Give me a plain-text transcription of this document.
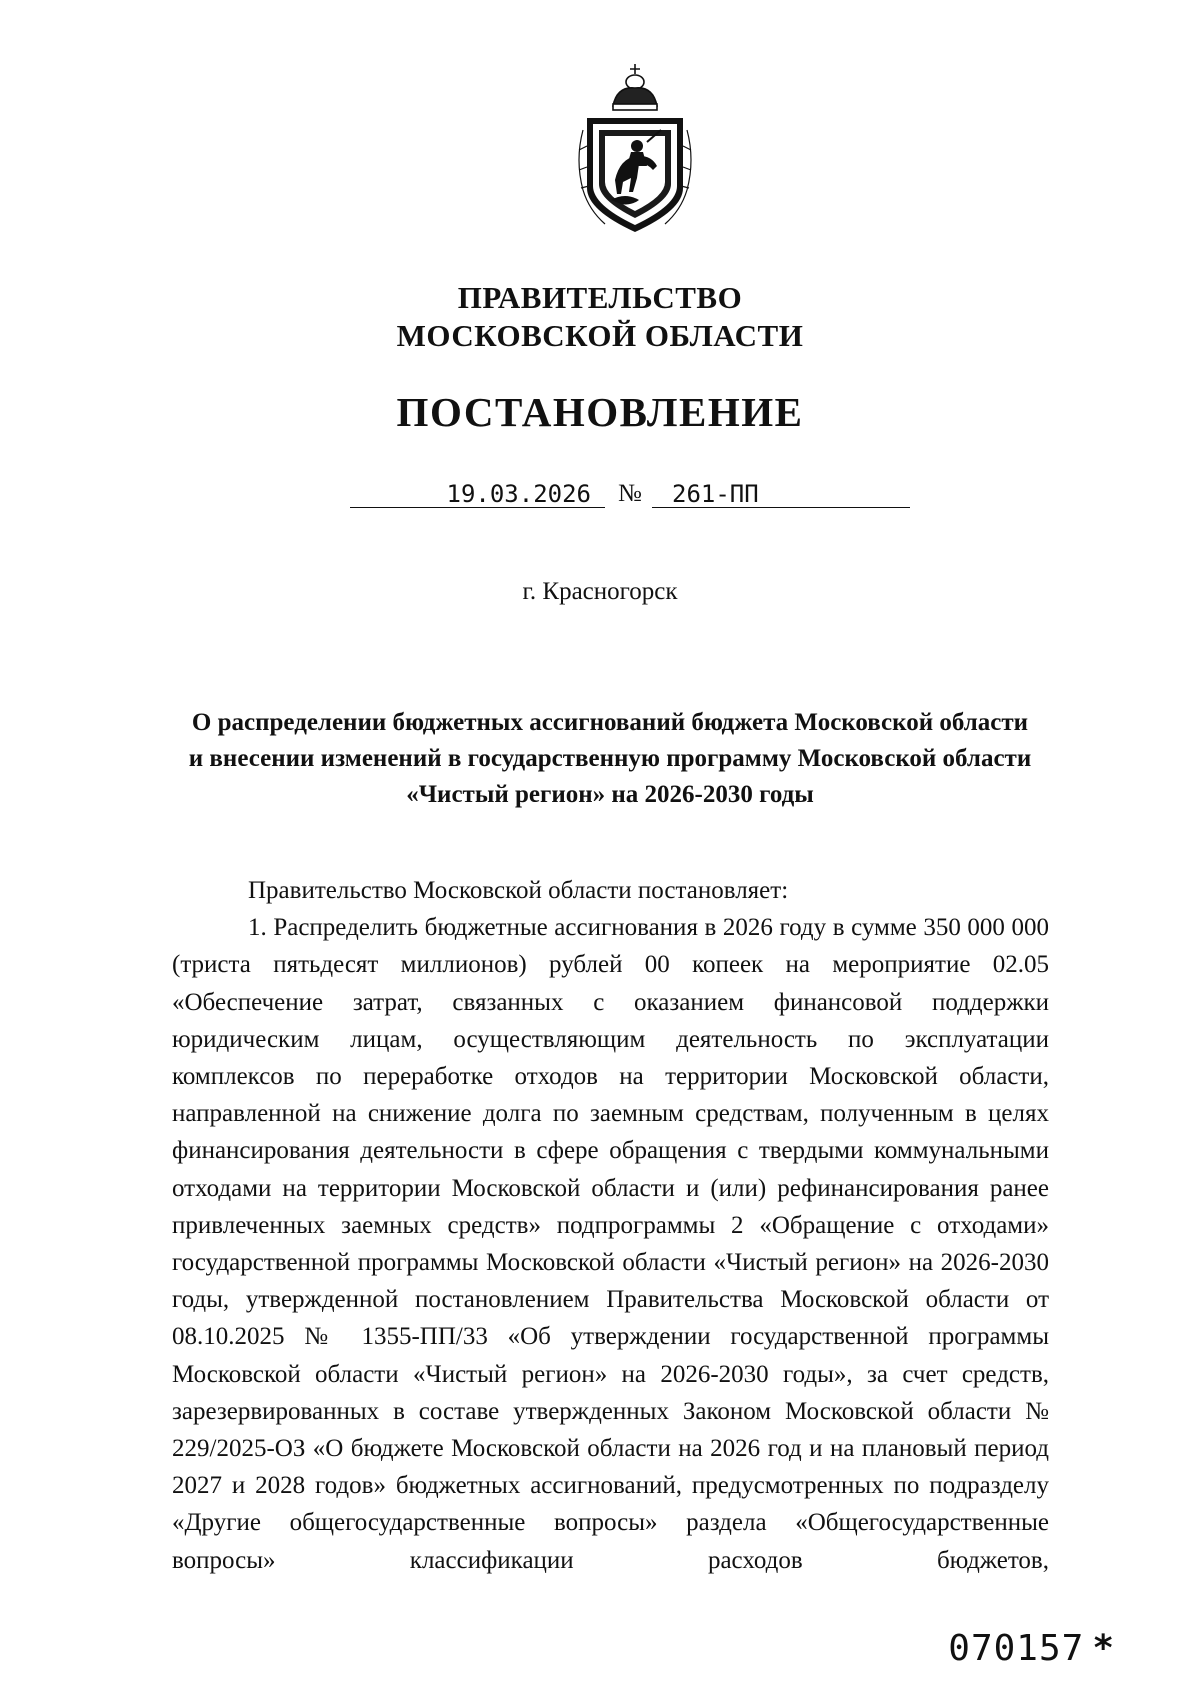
ПРАВИТЕЛЬСТВО
МОСКОВСКОЙ ОБЛАСТИ
ПОСТАНОВЛЕНИЕ
19.03.2026	№	261-ПП
г. Красногорск
О распределении бюджетных ассигнований бюджета Московской области
и внесении изменений в государственную программу Московской области
«Чистый регион» на 2026-2030 годы

Правительство Московской области постановляет:

1. Распределить бюджетные ассигнования в 2026 году в сумме 350 000 000 (триста пятьдесят миллионов) рублей 00 копеек на мероприятие 02.05 «Обеспечение затрат, связанных с оказанием финансовой поддержки юридическим лицам, осуществляющим деятельность по эксплуатации комплексов по переработке отходов на территории Московской области, направленной на снижение долга по заемным средствам, полученным в целях финансирования деятельности в сфере обращения с твердыми коммунальными отходами на территории Московской области и (или) рефинансирования ранее привлеченных заемных средств» подпрограммы 2 «Обращение с отходами» государственной программы Московской области «Чистый регион» на 2026-2030 годы, утвержденной постановлением Правительства Московской области от 08.10.2025 № 1355-ПП/33 «Об утверждении государственной программы Московской области «Чистый регион» на 2026-2030 годы», за счет средств, зарезервированных в составе утвержденных Законом Московской области № 229/2025-ОЗ «О бюджете Московской области на 2026 год и на плановый период 2027 и 2028 годов» бюджетных ассигнований, предусмотренных по подразделу «Другие общегосударственные вопросы» раздела «Общегосударственные вопросы» классификации расходов бюджетов,

070157 *
